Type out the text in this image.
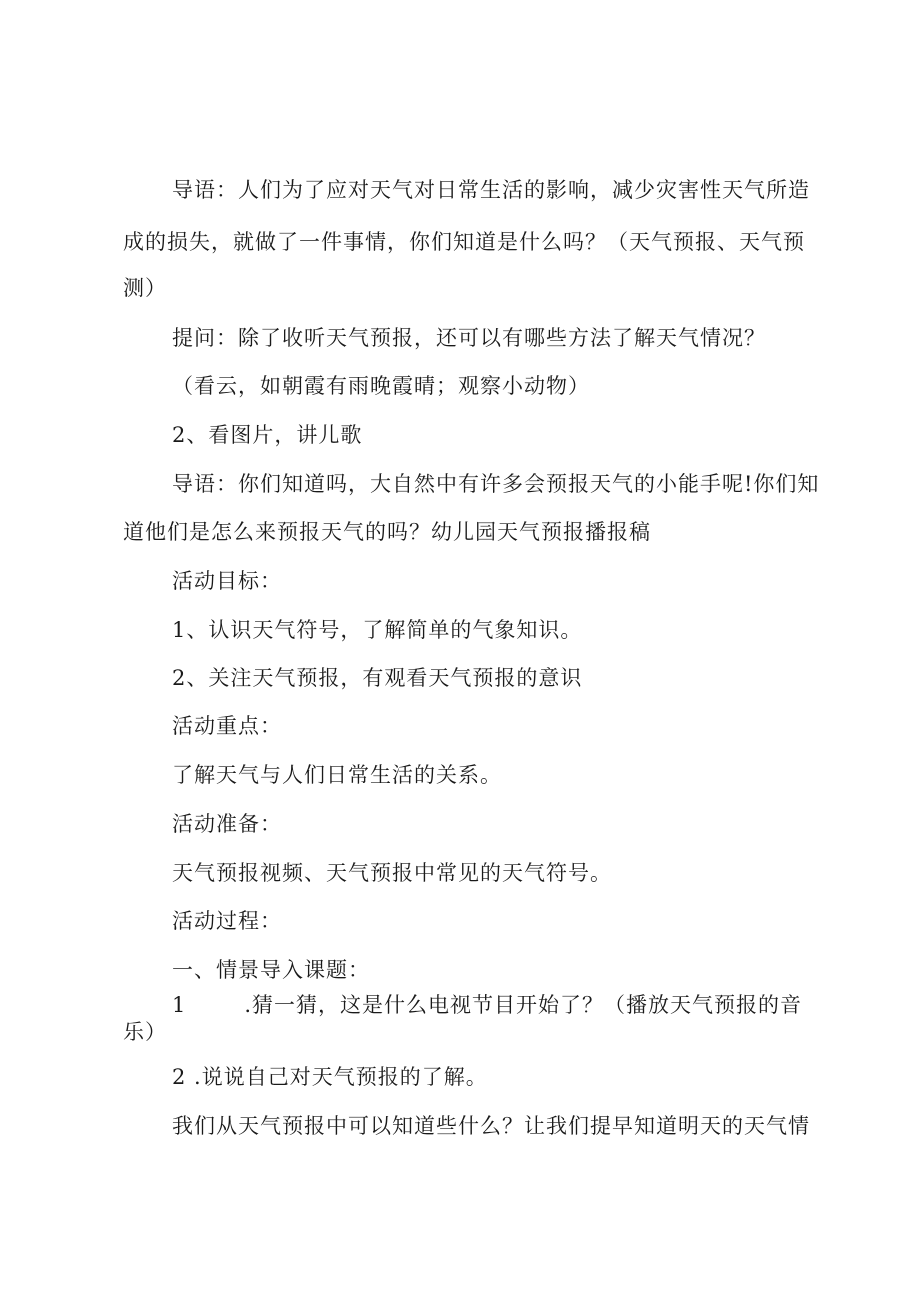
导语：人们为了应对天气对日常生活的影响，减少灾害性天气所造
成的损失，就做了一件事情，你们知道是什么吗？（天气预报、天气预
测）
提问：除了收听天气预报，还可以有哪些方法了解天气情况？
（看云，如朝霞有雨晚霞晴；观察小动物）
2、看图片，讲儿歌
导语：你们知道吗，大自然中有许多会预报天气的小能手呢!你们知
道他们是怎么来预报天气的吗？幼儿园天气预报播报稿
活动目标：
1、认识天气符号，了解简单的气象知识。
2、关注天气预报，有观看天气预报的意识
活动重点：
了解天气与人们日常生活的关系。
活动准备：
天气预报视频、天气预报中常见的天气符号。
活动过程：
一、情景导入课题：
1	.猜一猜，这是什么电视节目开始了？（播放天气预报的音
乐）
2 .说说自己对天气预报的了解。
我们从天气预报中可以知道些什么？让我们提早知道明天的天气情
